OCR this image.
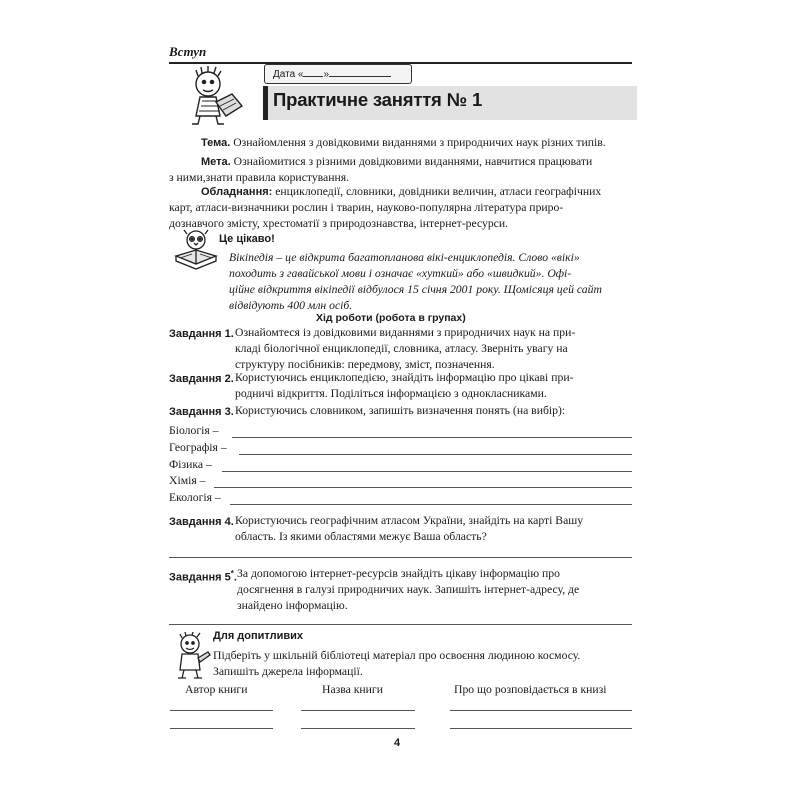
Вступ
Дата « »
Практичне заняття № 1
Тема. Ознайомлення з довідковими виданнями з природничих наук різних типів.
Мета. Ознайомитися з різними довідковими виданнями, навчитися працювати
з ними,знати правила користування.
Обладнання: енциклопедії, словники, довідники величин, атласи географічних
карт, атласи-визначники рослин і тварин, науково-популярна література приро-
дознавчого змісту, хрестоматії з природознавства, інтернет-ресурси.
Це цікаво!
Вікіпедія – це відкрита багатопланова вікі-енциклопедія. Слово «вікі»
походить з гавайської мови і означає «хуткий» або «швидкий». Офі-
ційне відкриття вікіпедії відбулося 15 січня 2001 року. Щомісяця цей сайт
відвідують 400 млн осіб.
Хід роботи (робота в групах)
Завдання 1. Ознайомтеся із довідковими виданнями з природничих наук на при-
кладі біологічної енциклопедії, словника, атласу. Зверніть увагу на
структуру посібників: передмову, зміст, позначення.
Завдання 2. Користуючись енциклопедією, знайдіть інформацію про цікаві при-
родничі відкриття. Поділіться інформацією з однокласниками.
Завдання 3. Користуючись словником, запишіть визначення понять (на вибір):
Біологія –
Географія –
Фізика –
Хімія –
Екологія –
Завдання 4. Користуючись географічним атласом України, знайдіть на карті Вашу
область. Із якими областями межує Ваша область?
Завдання 5*. За допомогою інтернет-ресурсів знайдіть цікаву інформацію про
досягнення в галузі природничих наук. Запишіть інтернет-адресу, де
знайдено інформацію.
Для допитливих
Підберіть у шкільній бібліотеці матеріал про освоєння людиною космосу.
Запишіть джерела інформації.
Автор книги	Назва книги	Про що розповідається в книзі
4
